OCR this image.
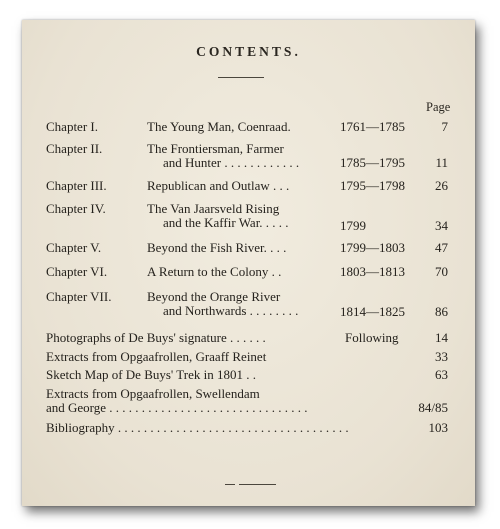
CONTENTS.
Page
Chapter I.	The Young Man, Coenraad.	1761—1785	7
Chapter II.	The Frontiersman, Farmer
and Hunter . . . . . . . . . . . .	1785—1795 11
Chapter III.	Republican and Outlaw . . .	1795—1798 26
Chapter IV.	The Van Jaarsveld Rising
and the Kaffir War. . . . .	1799	34
Chapter V.	Beyond the Fish River. . . .	1799—1803 47
Chapter VI.	A Return to the Colony . .	1803—1813 70
Chapter VII.	Beyond the Orange River
and Northwards . . . . . . . .	1814—1825 86
Photographs of De Buys' signature . . . . . .	Following	14
Extracts from Opgaafrollen, Graaff Reinet	33
Sketch Map of De Buys' Trek in 1801 . .	63
Extracts from Opgaafrollen, Swellendam
and George . . . . . . . . . . . . . . . . . . . . . . . . . . . . . . .	84/85
Bibliography . . . . . . . . . . . . . . . . . . . . . . . . . . . . . . . . . . . .	103
